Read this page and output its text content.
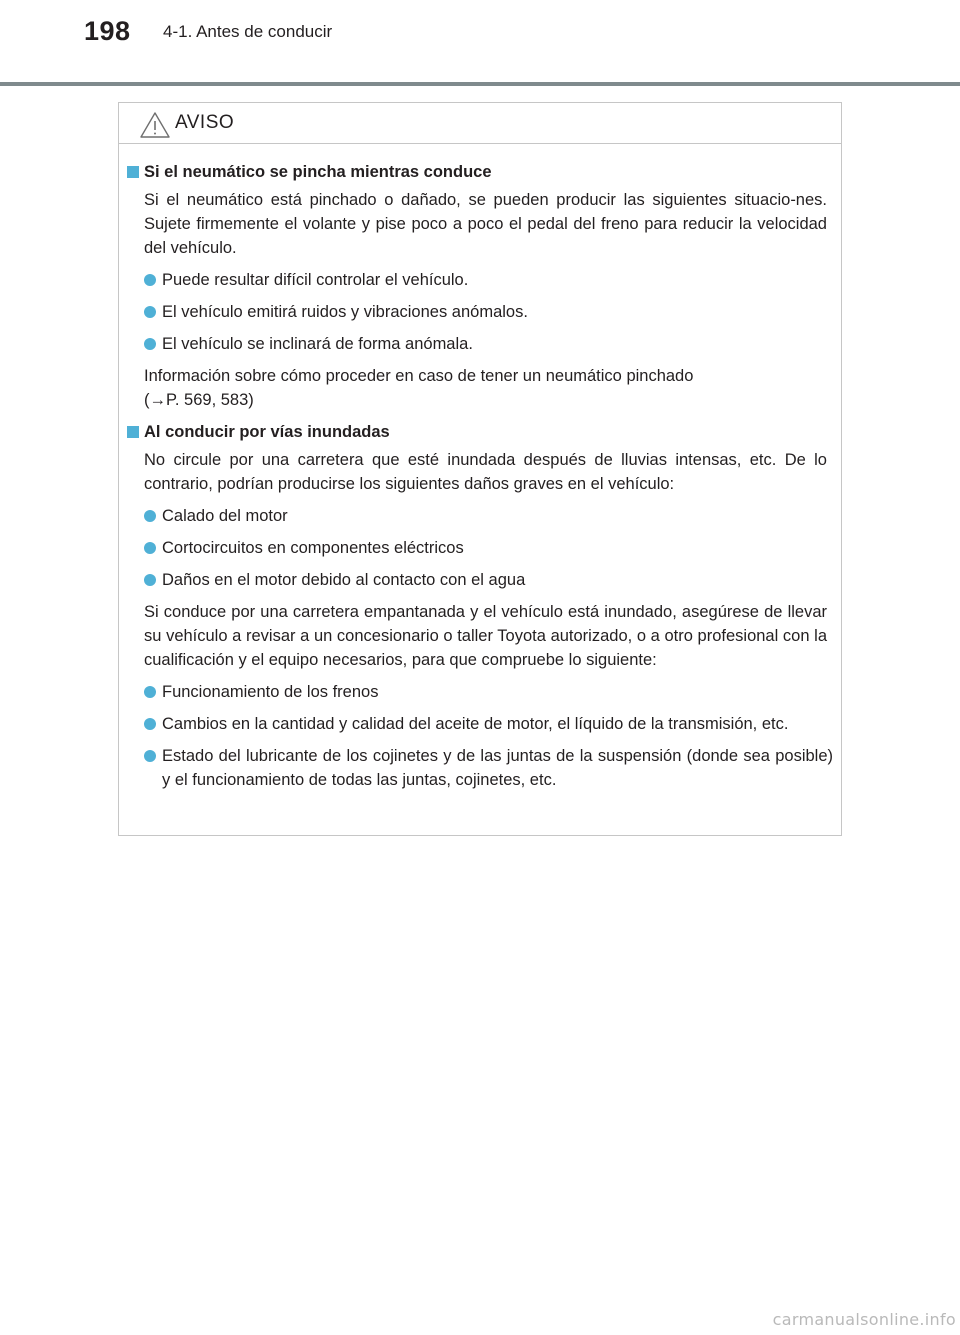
198 4-1. Antes de conducir
AVISO
Si el neumático se pincha mientras conduce
Si el neumático está pinchado o dañado, se pueden producir las siguientes situacio-nes. Sujete firmemente el volante y pise poco a poco el pedal del freno para reducir la velocidad del vehículo.
Puede resultar difícil controlar el vehículo.
El vehículo emitirá ruidos y vibraciones anómalos.
El vehículo se inclinará de forma anómala.
Información sobre cómo proceder en caso de tener un neumático pinchado
(→P. 569, 583)
Al conducir por vías inundadas
No circule por una carretera que esté inundada después de lluvias intensas, etc. De lo contrario, podrían producirse los siguientes daños graves en el vehículo:
Calado del motor
Cortocircuitos en componentes eléctricos
Daños en el motor debido al contacto con el agua
Si conduce por una carretera empantanada y el vehículo está inundado, asegúrese de llevar su vehículo a revisar a un concesionario o taller Toyota autorizado, o a otro profesional con la cualificación y el equipo necesarios, para que compruebe lo siguiente:
Funcionamiento de los frenos
Cambios en la cantidad y calidad del aceite de motor, el líquido de la transmisión, etc.
Estado del lubricante de los cojinetes y de las juntas de la suspensión (donde sea posible) y el funcionamiento de todas las juntas, cojinetes, etc.
carmanualsonline.info
